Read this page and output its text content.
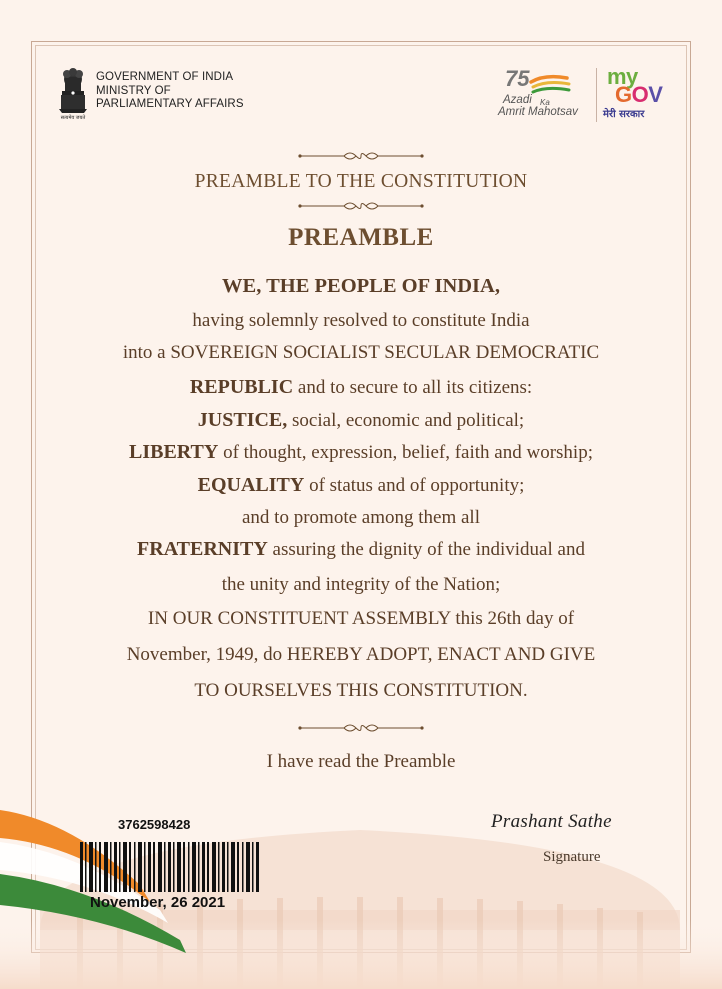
सत्यमेव जयते
GOVERNMENT OF INDIA
MINISTRY OF
PARLIAMENTARY AFFAIRS
75
Azadi Ka
Amrit Mahotsav
my
GOV
मेरी सरकार
PREAMBLE TO THE CONSTITUTION
PREAMBLE
WE, THE PEOPLE OF INDIA,
having solemnly resolved to constitute India
into a SOVEREIGN SOCIALIST SECULAR DEMOCRATIC
REPUBLIC and to secure to all its citizens:
JUSTICE, social, economic and political;
LIBERTY of thought, expression, belief, faith and worship;
EQUALITY of status and of opportunity;
and to promote among them all
FRATERNITY assuring the dignity of the individual and
the unity and integrity of the Nation;
IN OUR CONSTITUENT ASSEMBLY this 26th day of
November, 1949, do HEREBY ADOPT, ENACT AND GIVE
TO OURSELVES THIS CONSTITUTION.
I have read the Preamble
3762598428
November, 26 2021
Prashant Sathe
Signature
